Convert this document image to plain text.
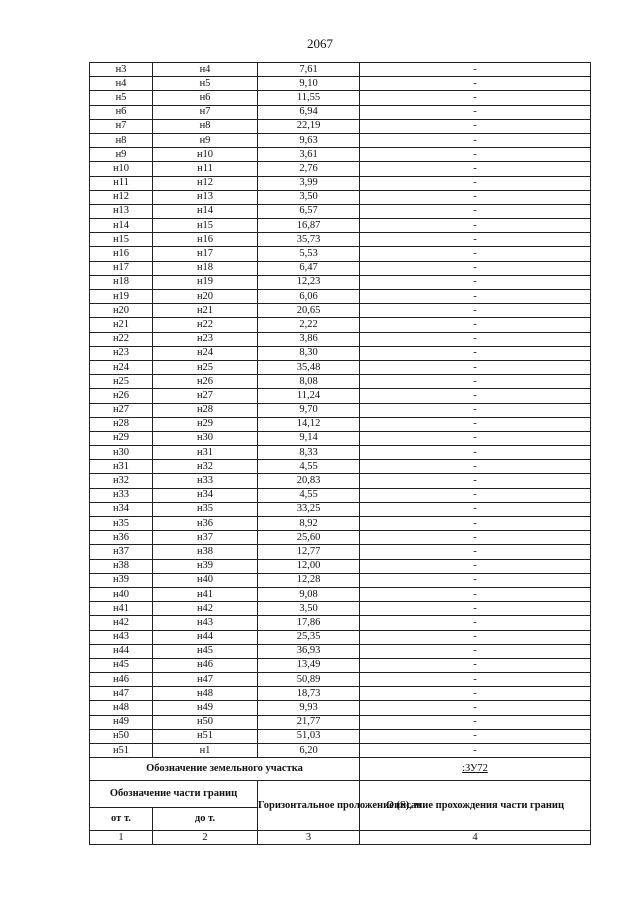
2067
н3	н4	7,61	-
н4	н5	9,10	-
н5	н6	11,55	-
н6	н7	6,94	-
н7	н8	22,19	-
н8	н9	9,63	-
н9	н10	3,61	-
н10	н11	2,76	-
н11	н12	3,99	-
н12	н13	3,50	-
н13	н14	6,57	-
н14	н15	16,87	-
н15	н16	35,73	-
н16	н17	5,53	-
н17	н18	6,47	-
н18	н19	12,23	-
н19	н20	6,06	-
н20	н21	20,65	-
н21	н22	2,22	-
н22	н23	3,86	-
н23	н24	8,30	-
н24	н25	35,48	-
н25	н26	8,08	-
н26	н27	11,24	-
н27	н28	9,70	-
н28	н29	14,12	-
н29	н30	9,14	-
н30	н31	8,33	-
н31	н32	4,55	-
н32	н33	20,83	-
н33	н34	4,55	-
н34	н35	33,25	-
н35	н36	8,92	-
н36	н37	25,60	-
н37	н38	12,77	-
н38	н39	12,00	-
н39	н40	12,28	-
н40	н41	9,08	-
н41	н42	3,50	-
н42	н43	17,86	-
н43	н44	25,35	-
н44	н45	36,93	-
н45	н46	13,49	-
н46	н47	50,89	-
н47	н48	18,73	-
н48	н49	9,93	-
н49	н50	21,77	-
н50	н51	51,03	-
н51	н1	6,20	-
Обозначение земельного участка			:ЗУ72
Обозначение части границ		Горизонтальное проложение (S), м	Описание прохождения части границ
от т.	до т.		
1	2	3	4
